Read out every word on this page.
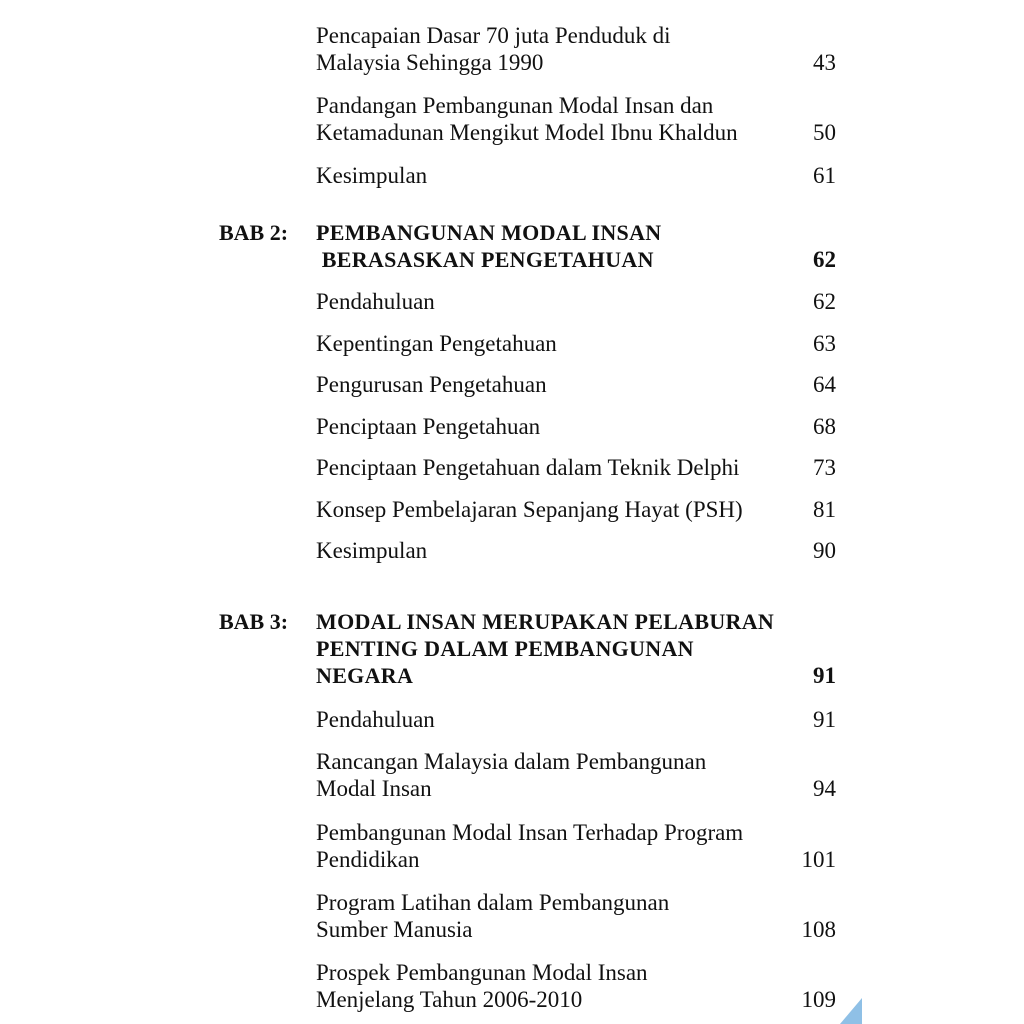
Pencapaian Dasar 70 juta Penduduk di
Malaysia Sehingga 1990	43
Pandangan Pembangunan Modal Insan dan
Ketamadunan Mengikut Model Ibnu Khaldun	50
Kesimpulan	61
BAB 2: PEMBANGUNAN MODAL INSAN
BERASASKAN PENGETAHUAN	62
Pendahuluan	62
Kepentingan Pengetahuan	63
Pengurusan Pengetahuan	64
Penciptaan Pengetahuan	68
Penciptaan Pengetahuan dalam Teknik Delphi	73
Konsep Pembelajaran Sepanjang Hayat (PSH)	81
Kesimpulan	90
BAB 3: MODAL INSAN MERUPAKAN PELABURAN
PENTING DALAM PEMBANGUNAN
NEGARA	91
Pendahuluan	91
Rancangan Malaysia dalam Pembangunan
Modal Insan	94
Pembangunan Modal Insan Terhadap Program
Pendidikan	101
Program Latihan dalam Pembangunan
Sumber Manusia	108
Prospek Pembangunan Modal Insan
Menjelang Tahun 2006-2010	109
